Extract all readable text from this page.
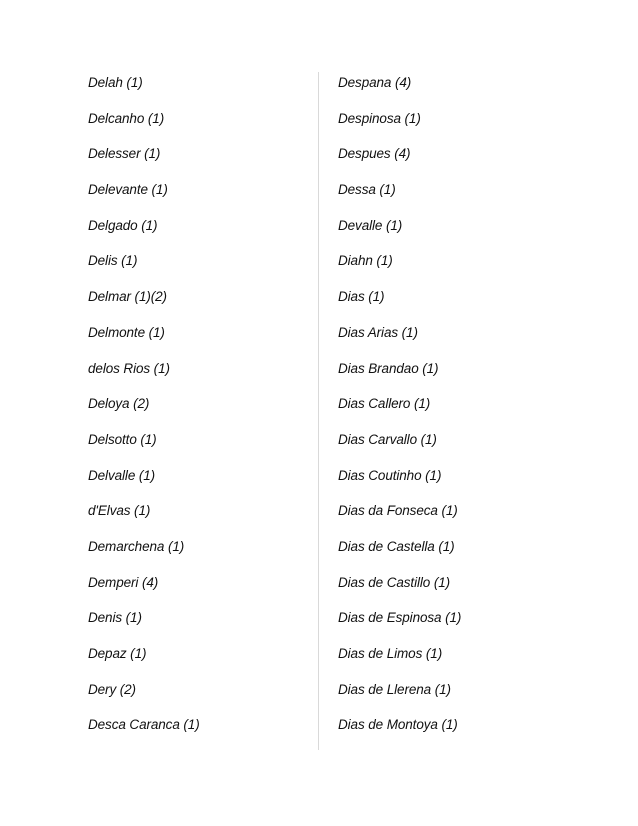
Delah (1)
Delcanho (1)
Delesser (1)
Delevante (1)
Delgado (1)
Delis (1)
Delmar (1)(2)
Delmonte (1)
delos Rios (1)
Deloya (2)
Delsotto (1)
Delvalle (1)
d'Elvas (1)
Demarchena (1)
Demperi (4)
Denis (1)
Depaz (1)
Dery (2)
Desca Caranca (1)
Despana (4)
Despinosa (1)
Despues (4)
Dessa (1)
Devalle (1)
Diahn (1)
Dias (1)
Dias Arias (1)
Dias Brandao (1)
Dias Callero (1)
Dias Carvallo (1)
Dias Coutinho (1)
Dias da Fonseca (1)
Dias de Castella (1)
Dias de Castillo (1)
Dias de Espinosa (1)
Dias de Limos (1)
Dias de Llerena (1)
Dias de Montoya (1)
